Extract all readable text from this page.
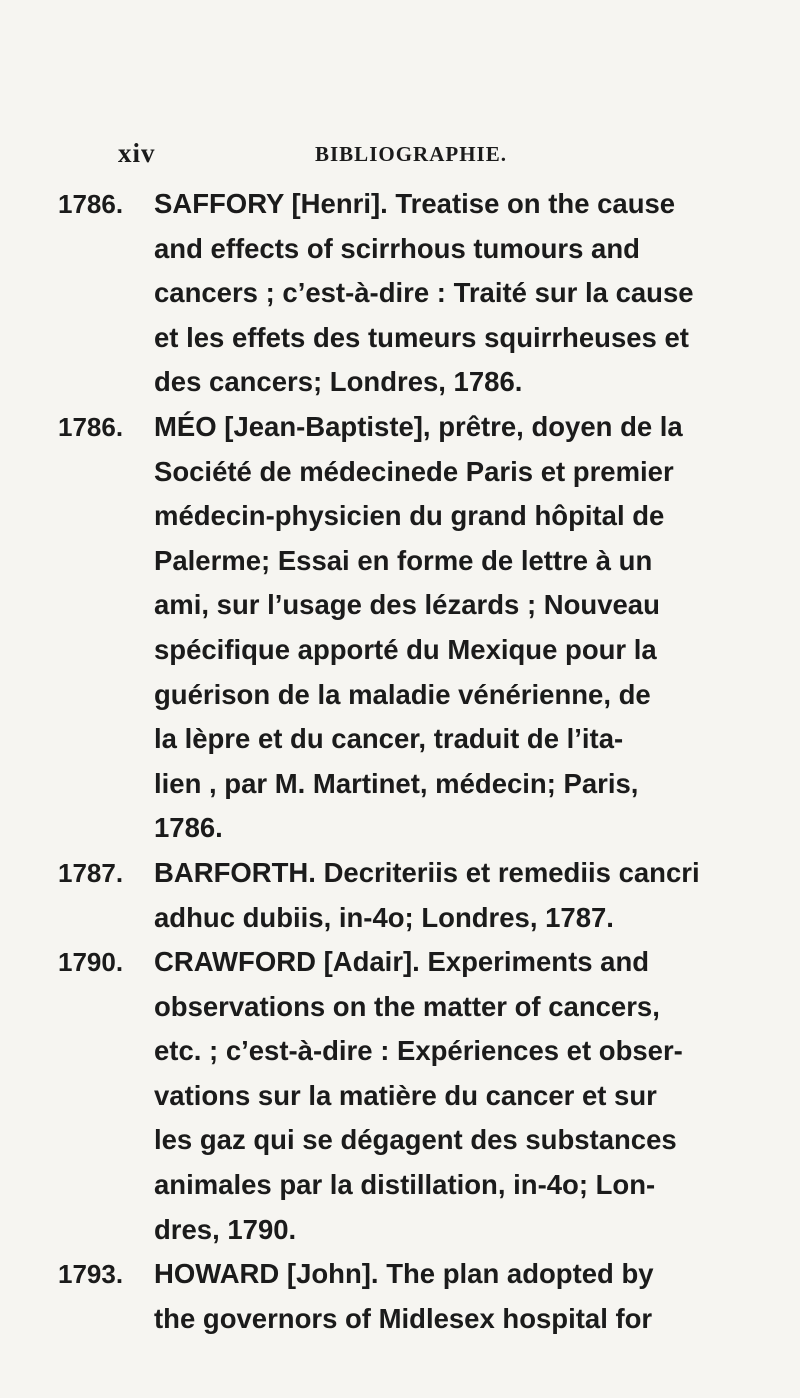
xiv	BIBLIOGRAPHIE.
1786.	SAFFORY [Henri]. Treatise on the cause
and effects of scirrhous tumours and
cancers ; c’est-à-dire : Traité sur la cause
et les effets des tumeurs squirrheuses et
des cancers; Londres, 1786.
1786.	MÉO [Jean-Baptiste], prêtre, doyen de la
Société de médecinede Paris et premier
médecin-physicien du grand hôpital de
Palerme; Essai en forme de lettre à un
ami, sur l’usage des lézards ; Nouveau
spécifique apporté du Mexique pour la
guérison de la maladie vénérienne, de
la lèpre et du cancer, traduit de l’ita-
lien , par M. Martinet, médecin; Paris,
1786.
1787.	BARFORTH. Decriteriis et remediis cancri
adhuc dubiis, in-4o; Londres, 1787.
1790.	CRAWFORD [Adair]. Experiments and
observations on the matter of cancers,
etc. ; c’est-à-dire : Expériences et obser-
vations sur la matière du cancer et sur
les gaz qui se dégagent des substances
animales par la distillation, in-4o; Lon-
dres, 1790.
1793.	HOWARD [John]. The plan adopted by
the governors of Midlesex hospital for
